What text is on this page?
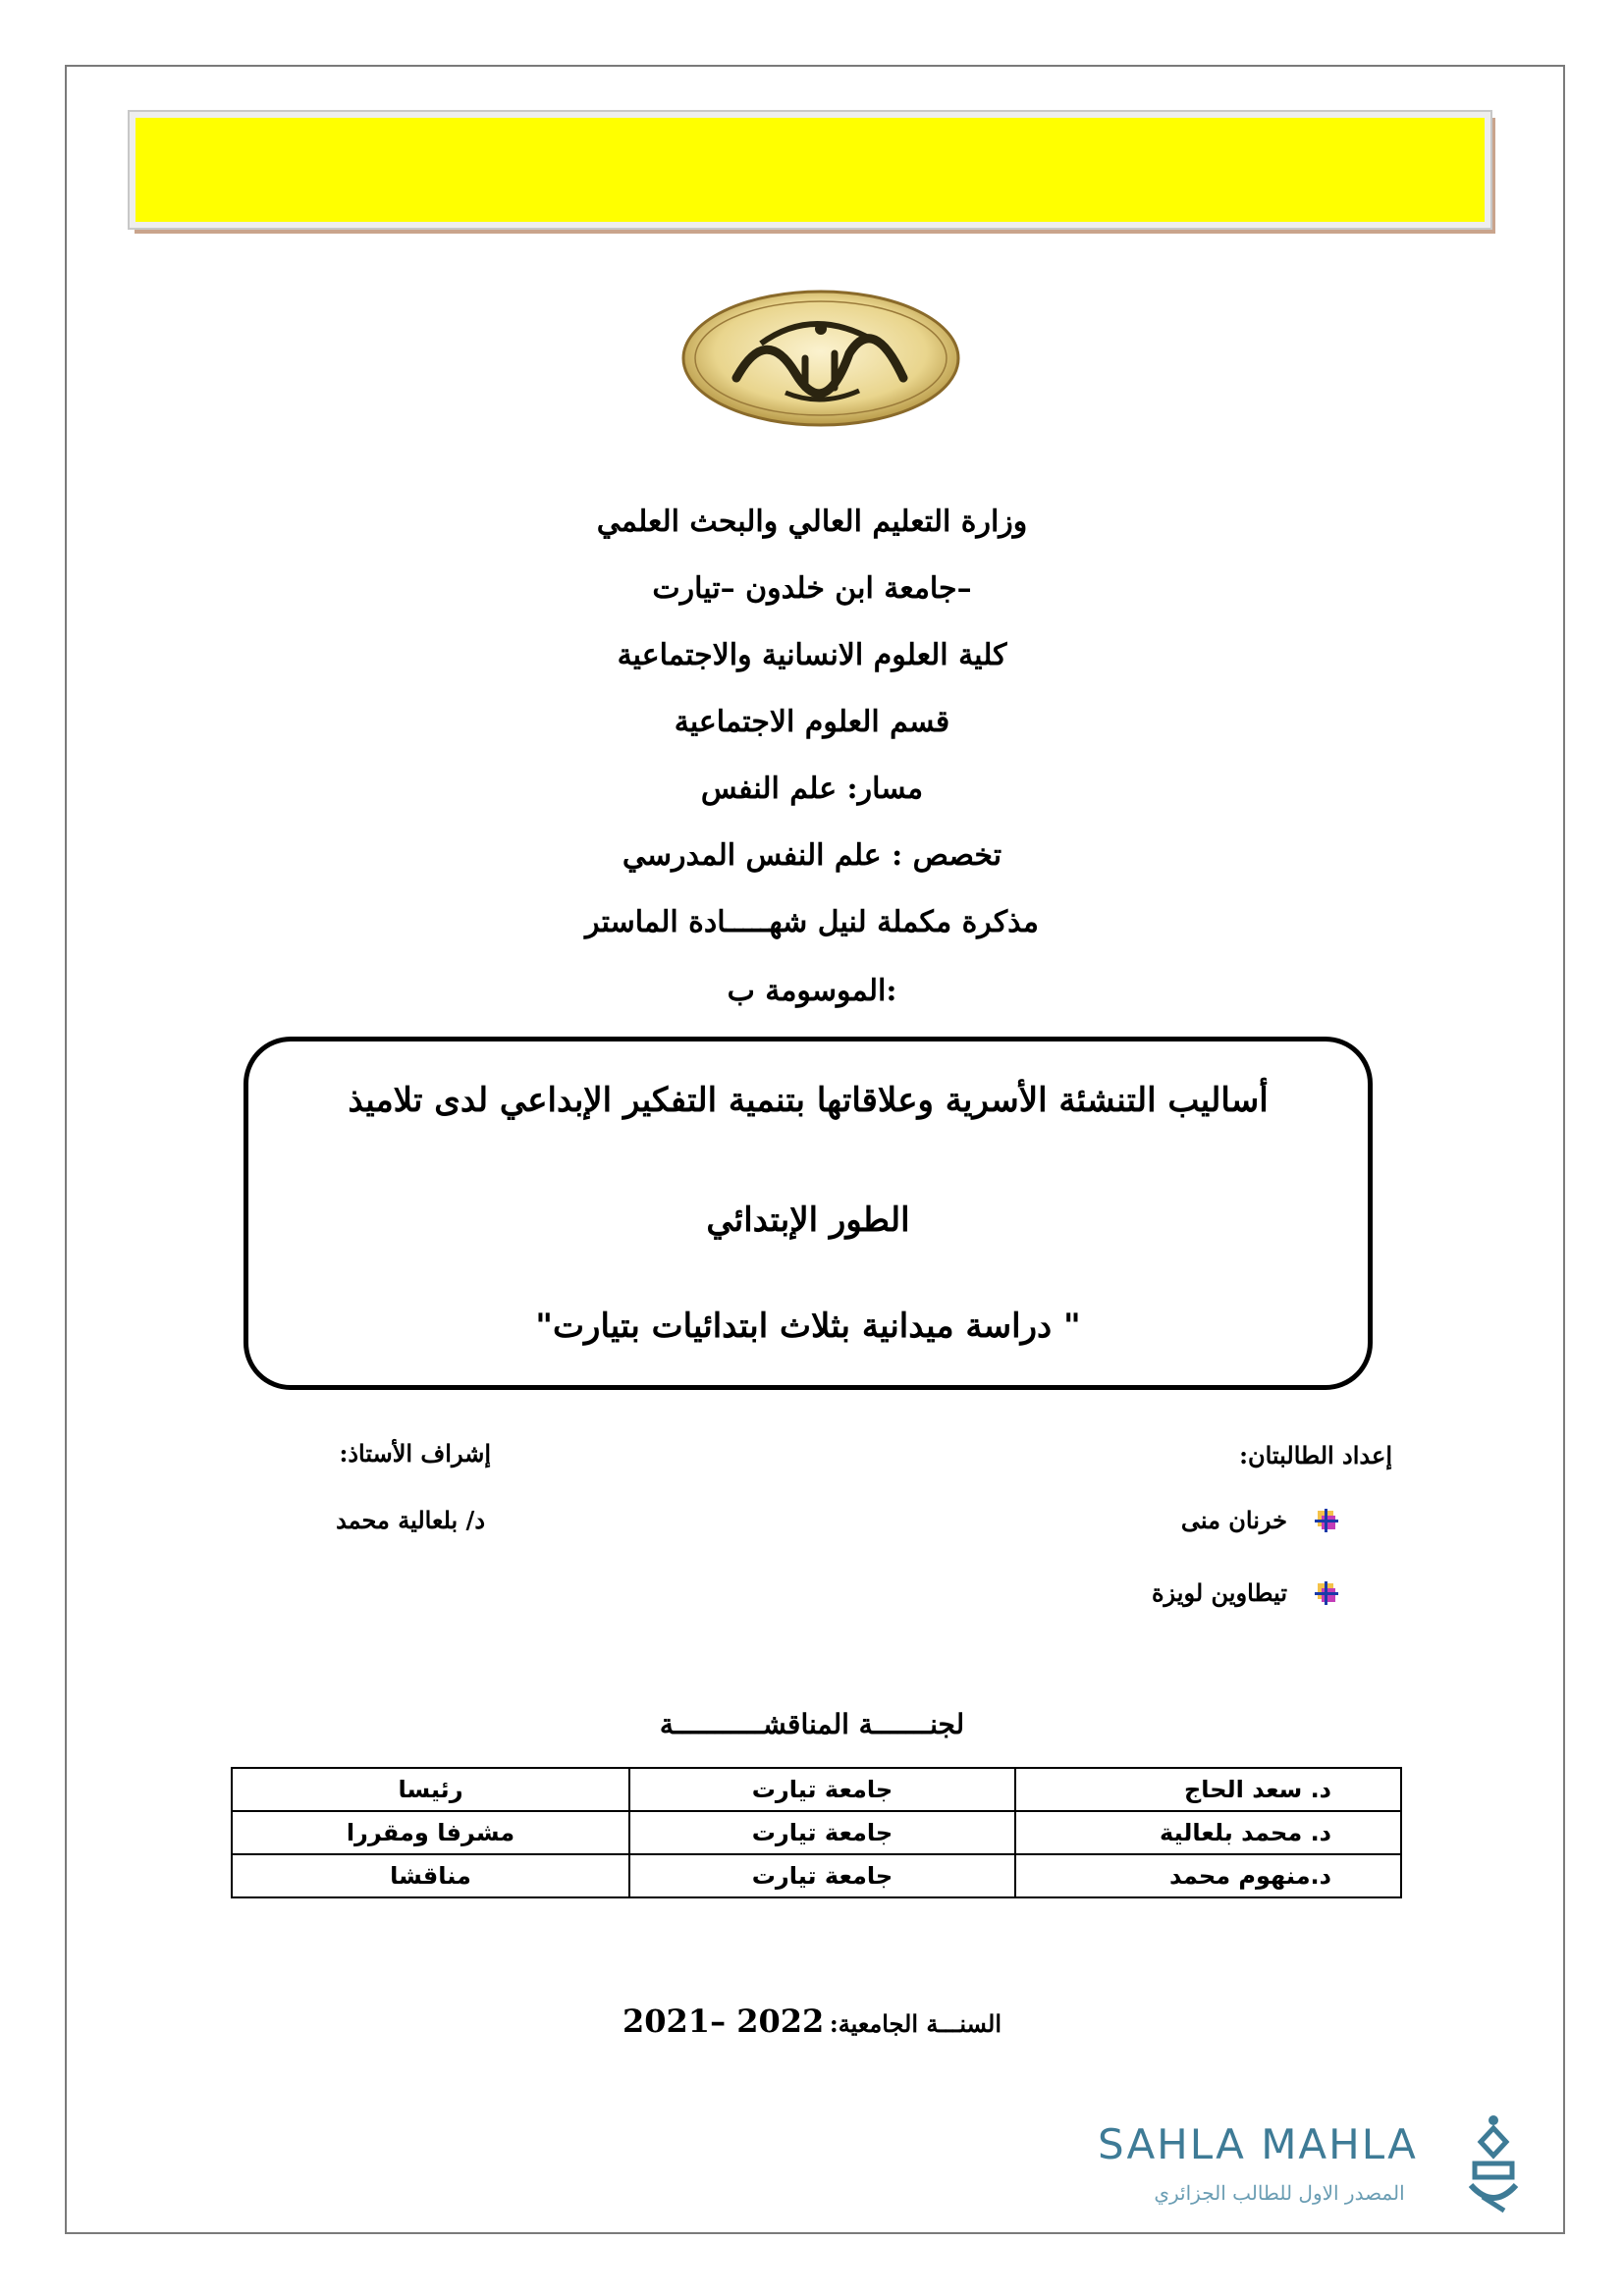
وزارة التعليم العالي والبحث العلمي
جامعة ابن خلدون –تيارت–
كلية العلوم الانسانية والاجتماعية
قسم العلوم الاجتماعية
مسار: علم النفس
تخصص : علم النفس المدرسي
مذكرة مكملة لنيل شهـــــادة الماستر
الموسومة ب:
أساليب التنشئة الأسرية وعلاقاتها بتنمية التفكير الإبداعي لدى تلاميذ
الطور الإبتدائي
" دراسة ميدانية بثلاث ابتدائيات بتيارت"
إعداد الطالبتان:
خرنان منى
تيطاوين لويزة
إشراف الأستاذ:
د/ بلعالية محمد
لجنـــــــة المناقشـــــــــــة
د. سعد الحاج	جامعة تيارت	رئيسا
د. محمد بلعالية	جامعة تيارت	مشرفا ومقررا
د.منهوم محمد	جامعة تيارت	مناقشا
السنـــة الجامعية: 2021– 2022
SAHLA MAHLA
المصدر الاول للطالب الجزائري
